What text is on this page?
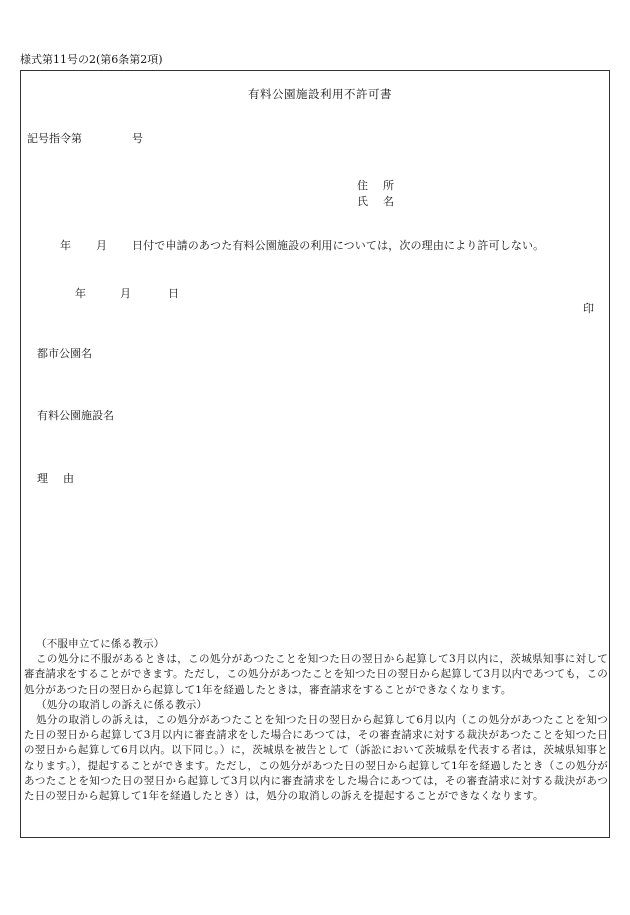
様式第11号の2(第6条第2項)
有料公園施設利用不許可書
記号指令第	号
住　所
氏　名
年 月 日付で申請のあつた有料公園施設の利用については，次の理由により許可しない。
年	月	日
印
都市公園名
有料公園施設名
理　由

（不服申立てに係る教示）

この処分に不服があるときは，この処分があつたことを知つた日の翌日から起算して3月以内に，茨城県知事に対して審査請求をすることができます。ただし，この処分があつたことを知つた日の翌日から起算して3月以内であつても，この処分があつた日の翌日から起算して1年を経過したときは，審査請求をすることができなくなります。

（処分の取消しの訴えに係る教示）

処分の取消しの訴えは，この処分があつたことを知つた日の翌日から起算して6月以内（この処分があつたことを知つた日の翌日から起算して3月以内に審査請求をした場合にあつては，その審査請求に対する裁決があつたことを知つた日の翌日から起算して6月以内。以下同じ。）に，茨城県を被告として（訴訟において茨城県を代表する者は，茨城県知事となります。），提起することができます。ただし，この処分があつた日の翌日から起算して1年を経過したとき（この処分があつたことを知つた日の翌日から起算して3月以内に審査請求をした場合にあつては，その審査請求に対する裁決があつた日の翌日から起算して1年を経過したとき）は，処分の取消しの訴えを提起することができなくなります。
